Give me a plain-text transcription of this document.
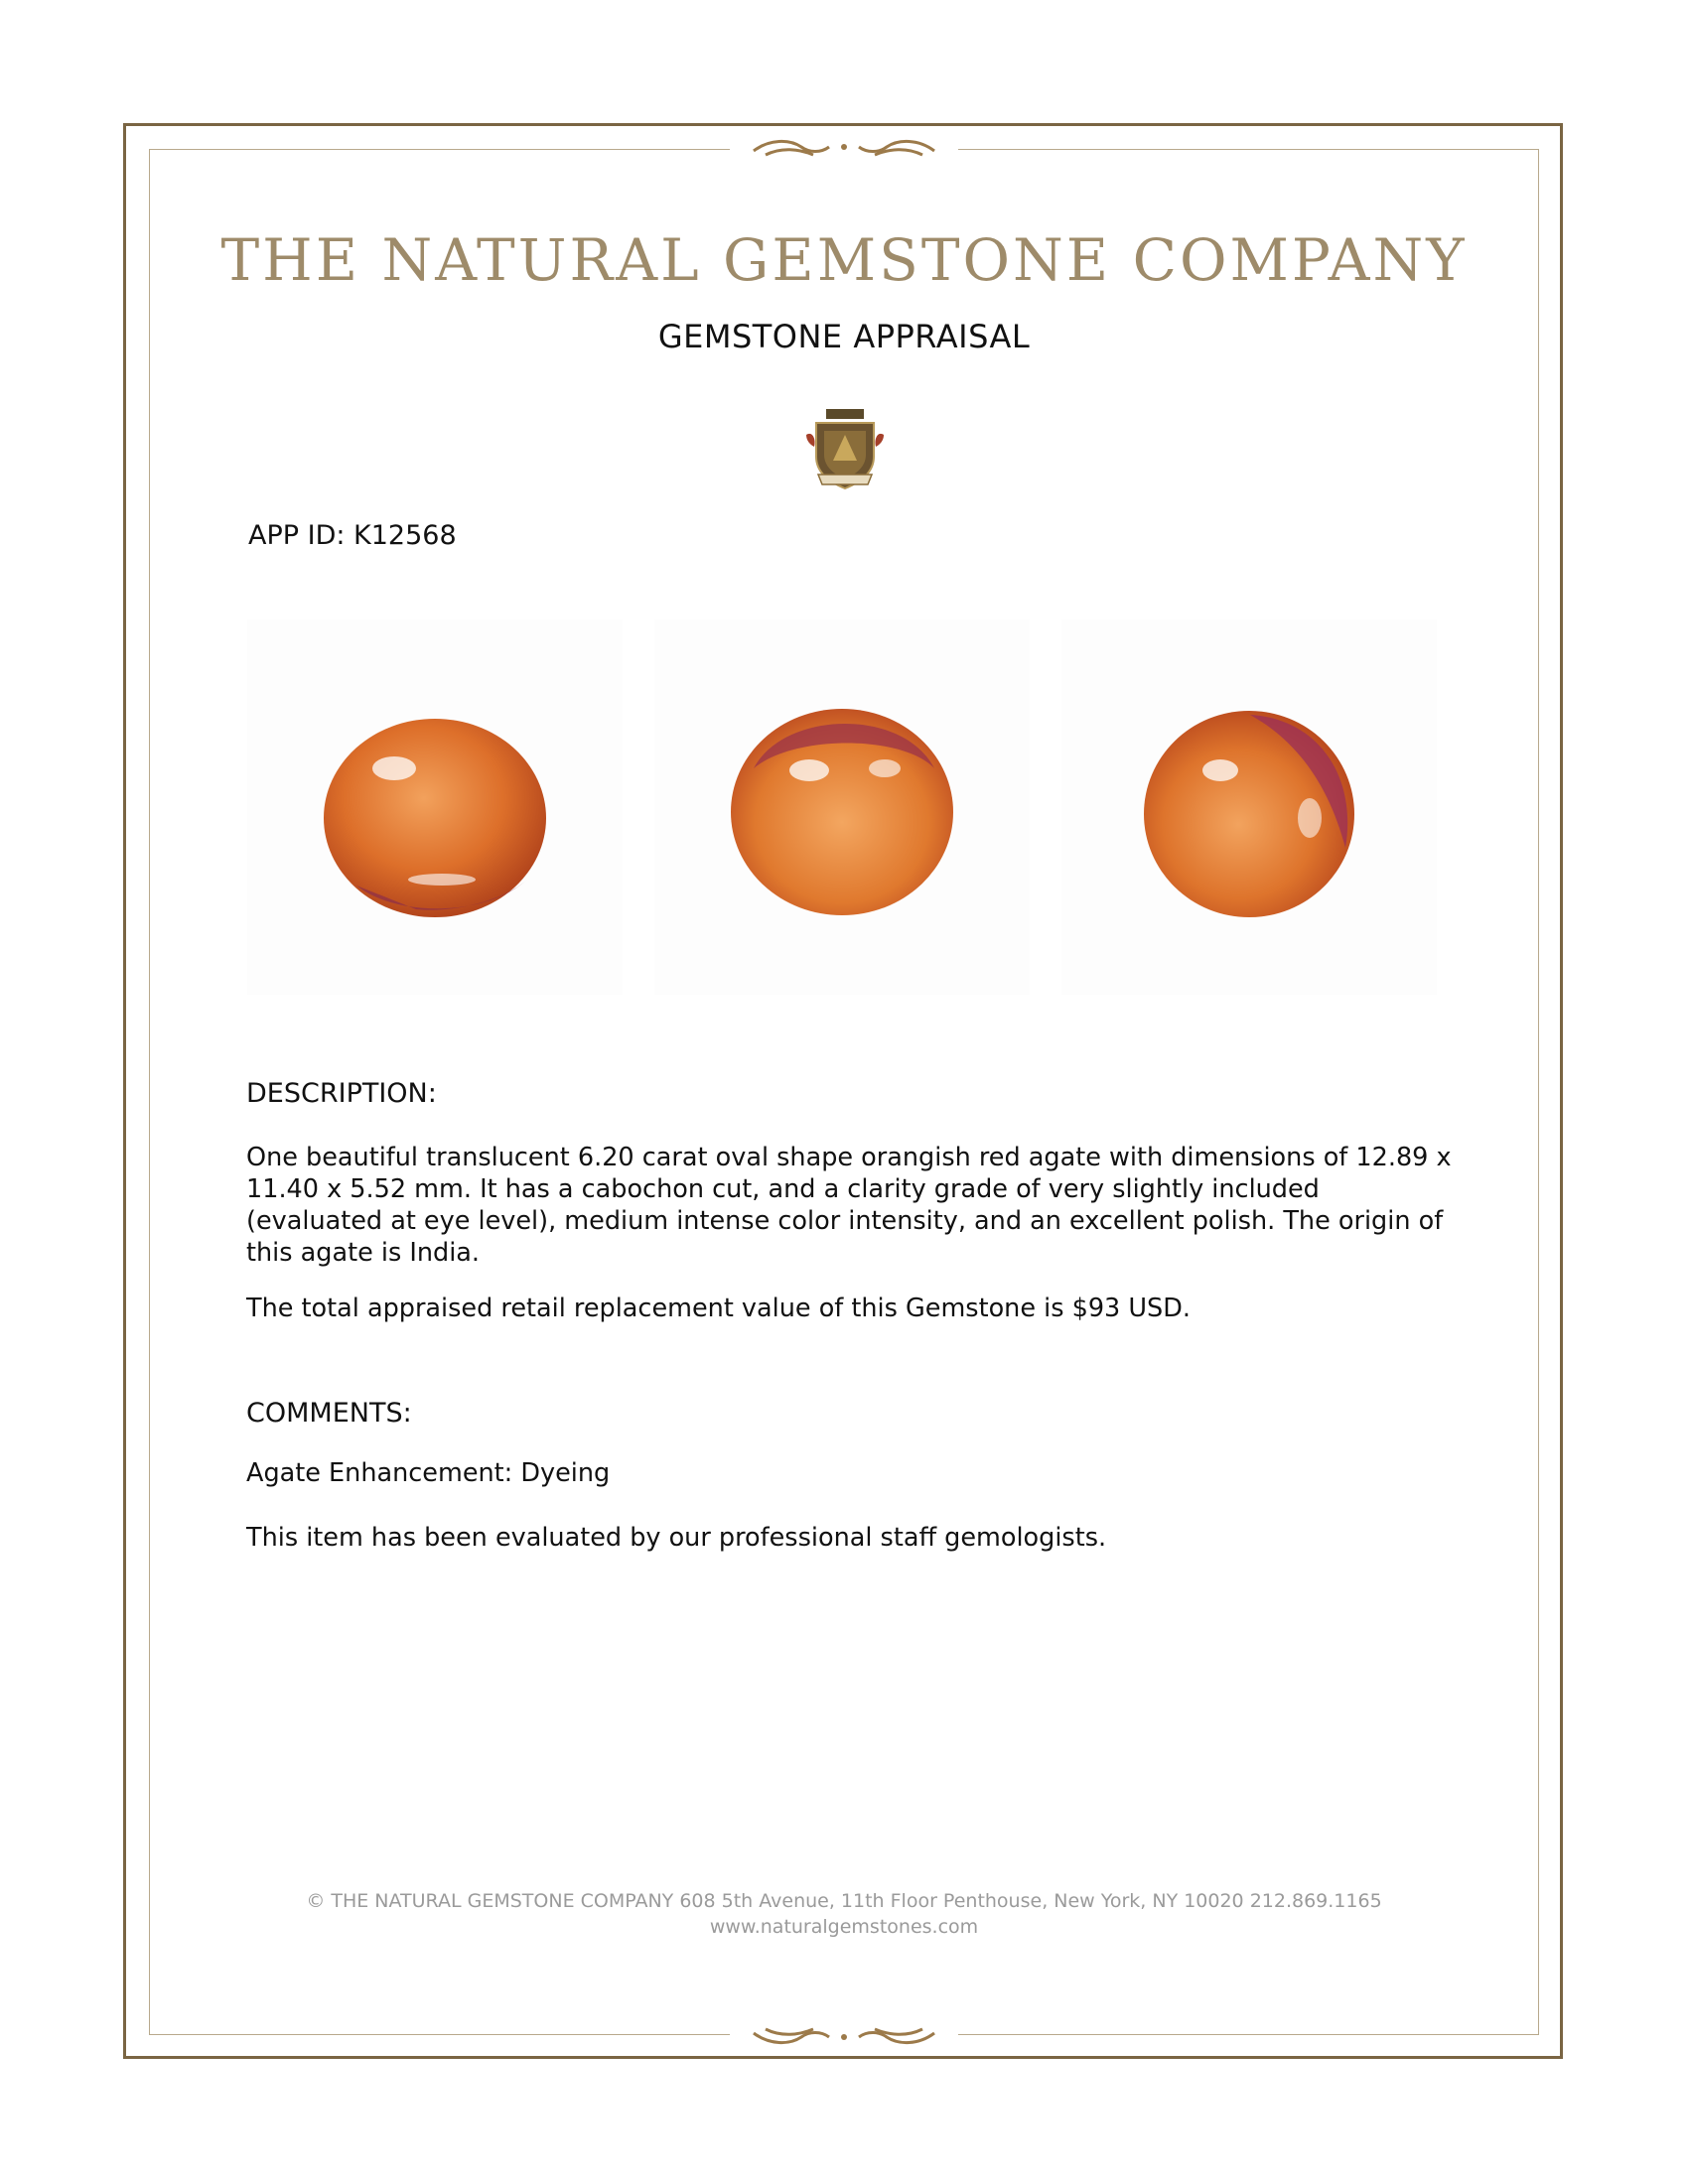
THE NATURAL GEMSTONE COMPANY
GEMSTONE APPRAISAL
APP ID: K12568
DESCRIPTION:
One beautiful translucent 6.20 carat oval shape orangish red agate with dimensions of 12.89 x 11.40 x 5.52 mm. It has a cabochon cut, and a clarity grade of very slightly included (evaluated at eye level), medium intense color intensity, and an excellent polish. The origin of this agate is India.
The total appraised retail replacement value of this Gemstone is $93 USD.
COMMENTS:
Agate Enhancement: Dyeing
This item has been evaluated by our professional staff gemologists.
© THE NATURAL GEMSTONE COMPANY 608 5th Avenue, 11th Floor Penthouse, New York, NY 10020 212.869.1165
www.naturalgemstones.com
